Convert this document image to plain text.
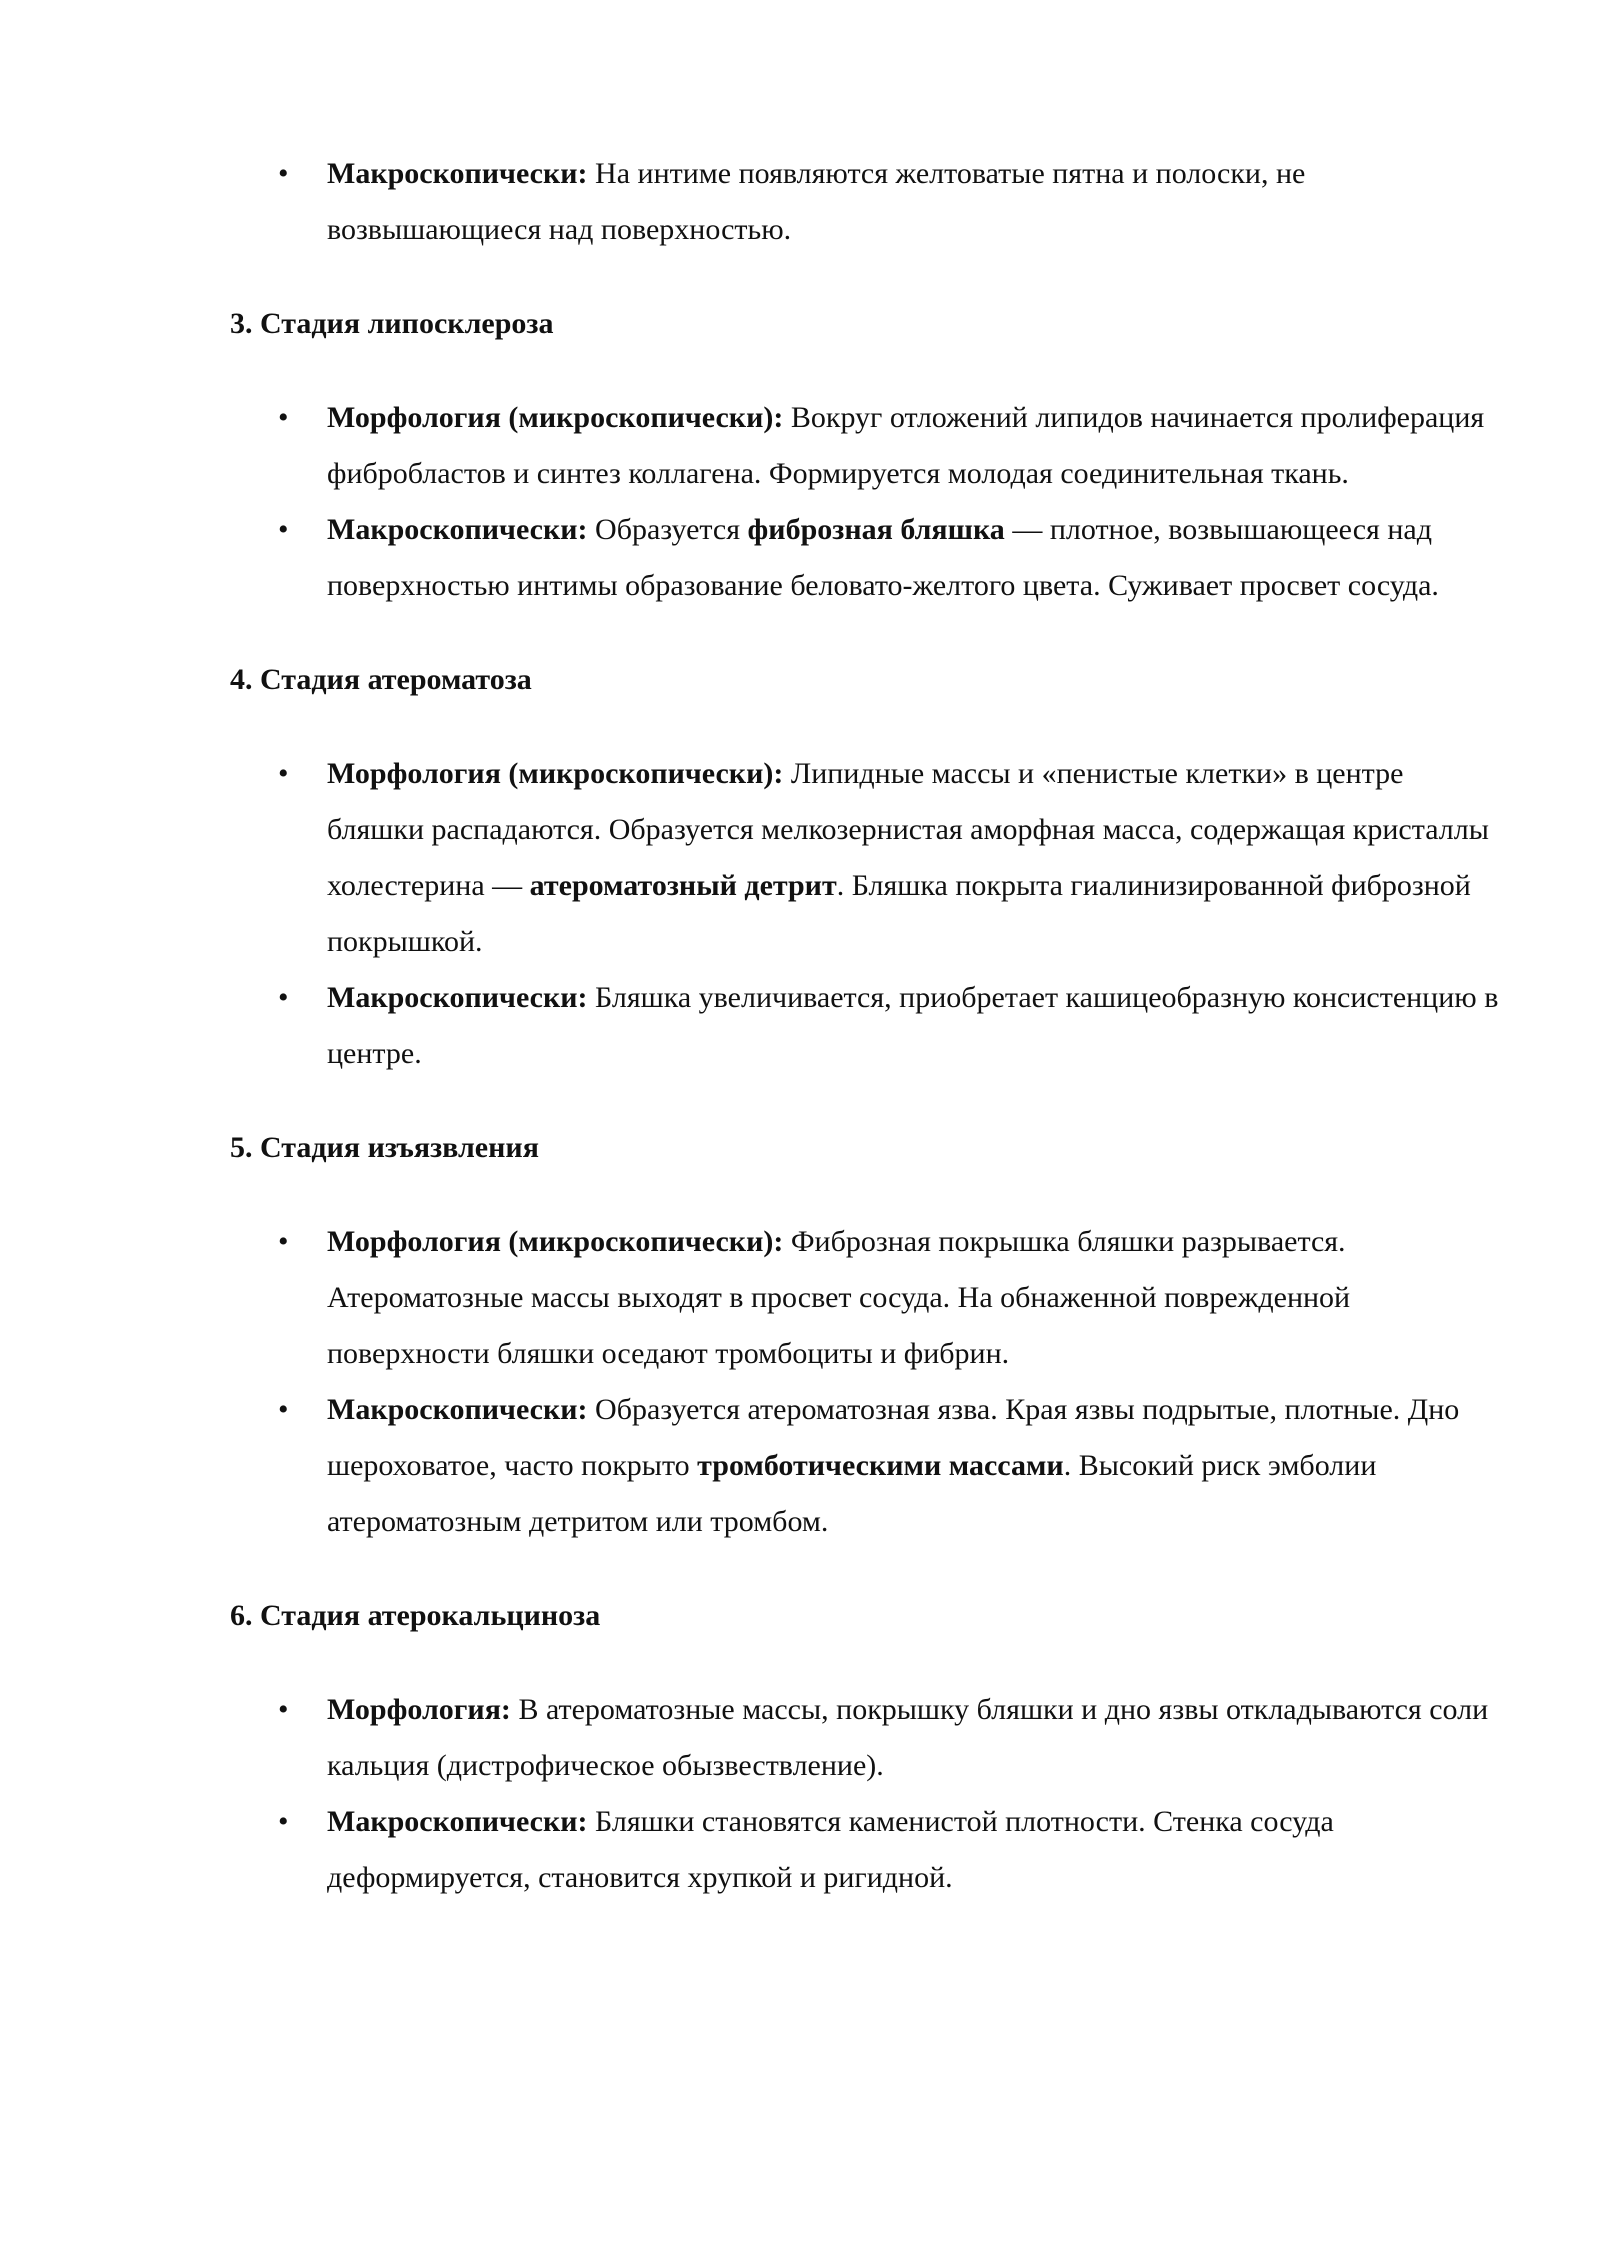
• Макроскопически: На интиме появляются желтоватые пятна и полоски, не возвышающиеся над поверхностью.

3. Стадия липосклероза

• Морфология (микроскопически): Вокруг отложений липидов начинается пролиферация фибробластов и синтез коллагена. Формируется молодая соединительная ткань.
• Макроскопически: Образуется фиброзная бляшка — плотное, возвышающееся над поверхностью интимы образование беловато-желтого цвета. Суживает просвет сосуда.

4. Стадия атероматоза

• Морфология (микроскопически): Липидные массы и «пенистые клетки» в центре бляшки распадаются. Образуется мелкозернистая аморфная масса, содержащая кристаллы холестерина — атероматозный детрит. Бляшка покрыта гиалинизированной фиброзной покрышкой.
• Макроскопически: Бляшка увеличивается, приобретает кашицеобразную консистенцию в центре.

5. Стадия изъязвления

• Морфология (микроскопически): Фиброзная покрышка бляшки разрывается. Атероматозные массы выходят в просвет сосуда. На обнаженной поврежденной поверхности бляшки оседают тромбоциты и фибрин.
• Макроскопически: Образуется атероматозная язва. Края язвы подрытые, плотные. Дно шероховатое, часто покрыто тромботическими массами. Высокий риск эмболии атероматозным детритом или тромбом.

6. Стадия атерокальциноза

• Морфология: В атероматозные массы, покрышку бляшки и дно язвы откладываются соли кальция (дистрофическое обызвествление).
• Макроскопически: Бляшки становятся каменистой плотности. Стенка сосуда деформируется, становится хрупкой и ригидной.
